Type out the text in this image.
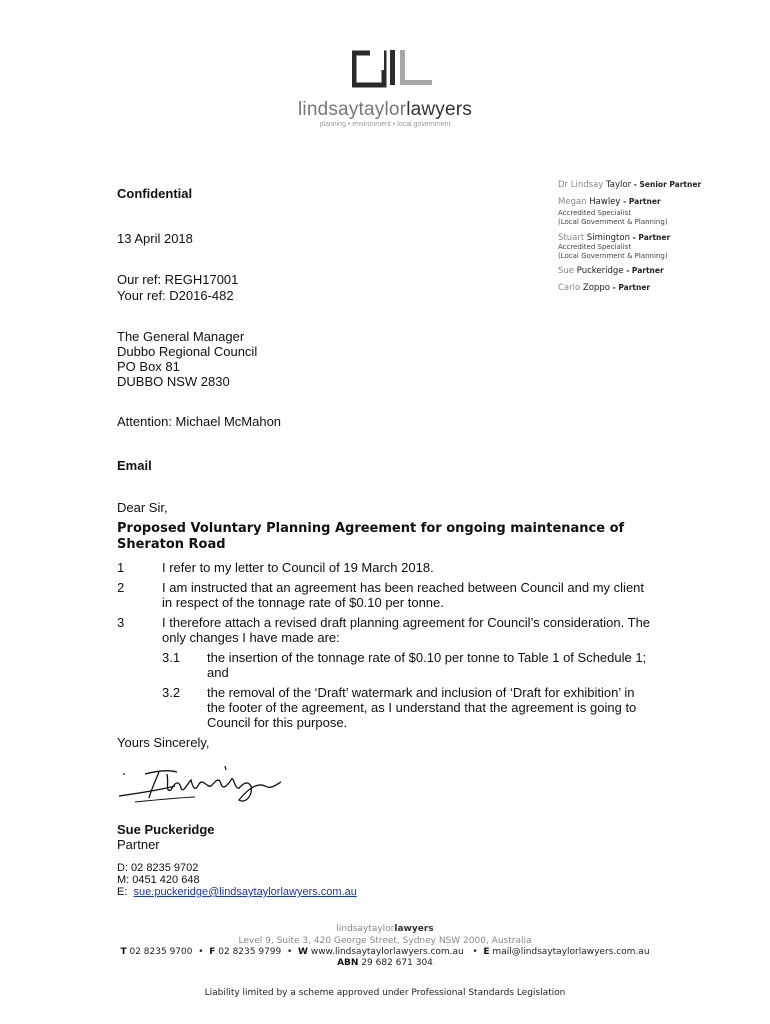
lindsaytaylorlawyers
planning • environment • local government
Dr Lindsay Taylor - Senior Partner
Megan Hawley - Partner
Accredited Specialist
(Local Government & Planning)
Stuart Simington - Partner
Accredited Specialist
(Local Government & Planning)
Sue Puckeridge - Partner
Carlo Zoppo - Partner
Confidential
13 April 2018
Our ref: REGH17001
Your ref: D2016-482
The General Manager
Dubbo Regional Council
PO Box 81
DUBBO NSW 2830
Attention: Michael McMahon
Email
Dear Sir,
Proposed Voluntary Planning Agreement for ongoing maintenance of
Sheraton Road
1	I refer to my letter to Council of 19 March 2018.
2	I am instructed that an agreement has been reached between Council and my client
in respect of the tonnage rate of $0.10 per tonne.
3	I therefore attach a revised draft planning agreement for Council’s consideration. The
only changes I have made are:
3.1 the insertion of the tonnage rate of $0.10 per tonne to Table 1 of Schedule 1;
and
3.2 the removal of the ‘Draft’ watermark and inclusion of ‘Draft for exhibition’ in
the footer of the agreement, as I understand that the agreement is going to
Council for this purpose.
Yours Sincerely,
Sue Puckeridge
Partner
D: 02 8235 9702
M: 0451 420 648
E: sue.puckeridge@lindsaytaylorlawyers.com.au
lindsaytaylorlawyers
Level 9, Suite 3, 420 George Street, Sydney NSW 2000, Australia
T 02 8235 9700  •  F 02 8235 9799  •  W www.lindsaytaylorlawyers.com.au   •  E mail@lindsaytaylorlawyers.com.au
ABN 29 682 671 304
Liability limited by a scheme approved under Professional Standards Legislation
